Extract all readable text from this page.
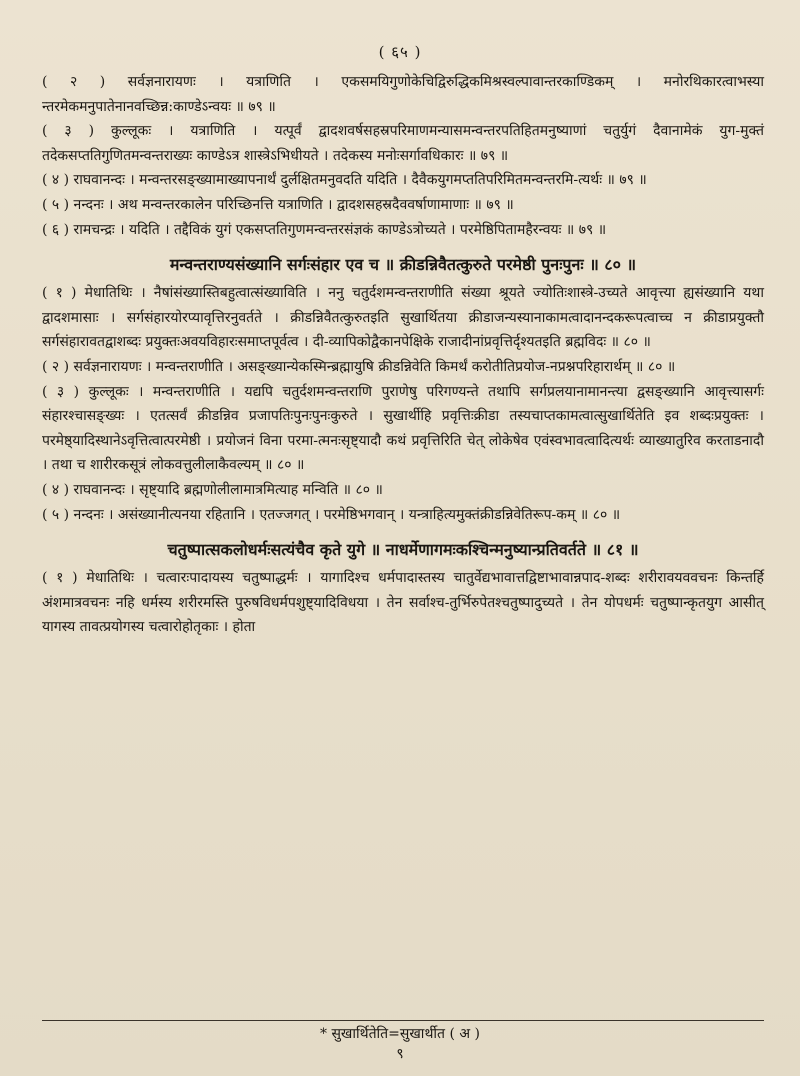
( ६५ )

( २ ) सर्वज्ञनारायणः । यत्राणिति । एकसमयिगुणोकेचिद्विरुद्धिकमिश्रस्वल्पावान्तरकाण्डिकम् । मनोरथिकारत्वाभस्या न्तरमेकमनुपातेनानवच्छिन्न:काण्डेऽन्वयः ॥ ७९ ॥

( ३ ) कुल्लूकः । यत्राणिति । यत्पूर्वं द्वादशवर्षसहस्रपरिमाणमन्यासमन्वन्तरपतिहितमनुष्याणां चतुर्युगं दैवानामेकं युग-मुक्तं तदेकसप्ततिगुणितमन्वन्तराख्यः काण्डेऽत्र शास्त्रेऽभिधीयते । तदेकस्य मनोःसर्गावधिकारः ॥ ७९ ॥

( ४ ) राघवानन्दः । मन्वन्तरसङ्ख्यामाख्यापनार्थं दुर्लक्षितमनुवदति यदिति । दैवैकयुगमप्ततिपरिमितमन्वन्तरमि-त्यर्थः ॥ ७९ ॥

( ५ ) नन्दनः । अथ मन्वन्तरकालेन परिच्छिनत्ति यत्राणिति । द्वादशसहस्रदैववर्षाणामाणाः ॥ ७९ ॥

( ६ ) रामचन्द्रः । यदिति । तद्दैविकं युगं एकसप्ततिगुणमन्वन्तरसंज्ञकं काण्डेऽत्रोच्यते । परमेष्ठिपितामहैरन्वयः ॥ ७९ ॥

मन्वन्तराण्यसंख्यानि सर्गःसंहार एव च ॥ क्रीडन्निवैतत्कुरुते परमेष्ठी पुनःपुनः ॥ ८० ॥

( १ ) मेधातिथिः । नैषांसंख्यास्तिबहुत्वात्संख्याविति । ननु चतुर्दशमन्वन्तराणीति संख्या श्रूयते ज्योतिःशास्त्रे-उच्यते आवृत्त्या ह्यसंख्यानि यथा द्वादशमासाः । सर्गसंहारयोरप्यावृत्तिरनुवर्तते । क्रीडन्निवैतत्कुरुतइति सुखार्थितया क्रीडाजन्यस्यानाकामत्वादानन्दकरूपत्वाच्च न क्रीडाप्रयुक्तौ सर्गसंहारावतद्वाशब्दः प्रयुक्तःअवयविहारःसमाप्तपूर्वत्व । दी-व्यापिकोद्वैकानपेक्षिके राजादीनांप्रवृत्तिर्दृश्यतइति ब्रह्मविदः ॥ ८० ॥

( २ ) सर्वज्ञनारायणः । मन्वन्तराणीति । असङ्ख्यान्येकस्मिन्ब्रह्मायुषि क्रीडन्निवेति किमर्थं करोतीतिप्रयोज-नप्रश्नपरिहारार्थम् ॥ ८० ॥

( ३ ) कुल्लूकः । मन्वन्तराणीति । यद्यपि चतुर्दशमन्वन्तराणि पुराणेषु परिगण्यन्ते तथापि सर्गप्रलयानामानन्त्या द्वसङ्ख्यानि आवृत्त्यासर्गः संहारश्चासङ्ख्यः । एतत्सर्वं क्रीडन्निव प्रजापतिःपुनःपुनःकुरुते । सुखार्थीहि प्रवृत्तिःक्रीडा तस्यचाप्तकामत्वात्सुखार्थितेति इव शब्दःप्रयुक्तः । परमेष्ठ्यादिस्थानेऽवृत्तित्वात्परमेष्ठी । प्रयोजनं विना परमा-त्मनःसृष्ट्यादौ कथं प्रवृत्तिरिति चेत् लोकेषेव एवंस्वभावत्वादित्यर्थः व्याख्यातुरिव करताडनादौ । तथा च शारीरकसूत्रं लोकवत्तुलीलाकैवल्यम् ॥ ८० ॥

( ४ ) राघवानन्दः । सृष्ट्यादि ब्रह्मणोलीलामात्रमित्याह मन्विति ॥ ८० ॥

( ५ ) नन्दनः । असंख्यानीत्यनया रहितानि । एतज्जगत् । परमेष्ठिभगवान् । यन्त्राहित्यमुक्तंक्रीडन्निवेतिरूप-कम् ॥ ८० ॥

चतुष्पात्सकलोधर्मःसत्यंचैव कृते युगे ॥ नाधर्मेणागमःकश्चिन्मनुष्यान्प्रतिवर्तते ॥ ८१ ॥

( १ ) मेधातिथिः । चत्वारःपादायस्य चतुष्पाद्धर्मः । यागादिश्च धर्मपादास्तस्य चातुर्वेद्यभावात्तद्विष्टाभावान्नपाद-शब्दः शरीरावयववचनः किन्तर्हि अंशमात्रवचनः नहि धर्मस्य शरीरमस्ति पुरुषविधर्मपशुष्ट्यादिविधया । तेन सर्वाश्च-तुर्भिरुपेतश्चतुष्पादुच्यते । तेन योपधर्मः चतुष्पान्कृतयुग आसीत् यागस्य तावत्प्रयोगस्य चत्वारोहोतृकाः । होता

* सुखार्थितेति=सुखार्थीत ( अ )
९
